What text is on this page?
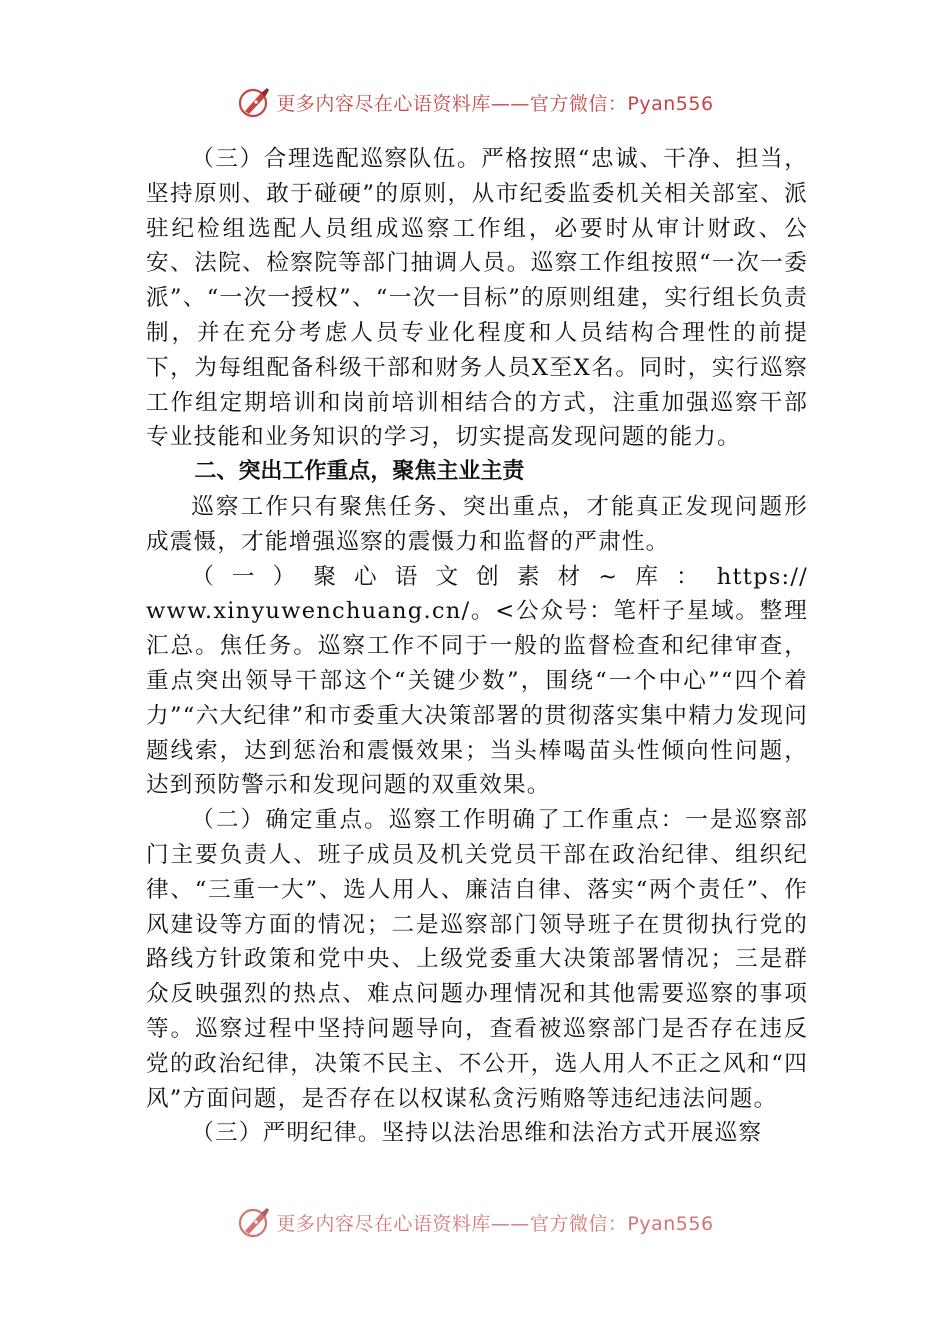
更多内容尽在心语资料库——官方微信：Pyan556

（三）合理选配巡察队伍。严格按照“忠诚、干净、担当，坚持原则、敢于碰硬”的原则，从市纪委监委机关相关部室、派驻纪检组选配人员组成巡察工作组，必要时从审计财政、公安、法院、检察院等部门抽调人员。巡察工作组按照“一次一委派”、“一次一授权”、“一次一目标”的原则组建，实行组长负责制，并在充分考虑人员专业化程度和人员结构合理性的前提下，为每组配备科级干部和财务人员X至X名。同时，实行巡察工作组定期培训和岗前培训相结合的方式，注重加强巡察干部专业技能和业务知识的学习，切实提高发现问题的能力。

二、突出工作重点，聚焦主业主责

巡察工作只有聚焦任务、突出重点，才能真正发现问题形成震慑，才能增强巡察的震慑力和监督的严肃性。

（一）聚心语文创素材~库：https://

www.xinyuwenchuang.cn/。<公众号：笔杆子星域。整理汇总。焦任务。巡察工作不同于一般的监督检查和纪律审查，重点突出领导干部这个“关键少数”，围绕“一个中心”“四个着力”“六大纪律”和市委重大决策部署的贯彻落实集中精力发现问题线索，达到惩治和震慑效果；当头棒喝苗头性倾向性问题，达到预防警示和发现问题的双重效果。

（二）确定重点。巡察工作明确了工作重点：一是巡察部门主要负责人、班子成员及机关党员干部在政治纪律、组织纪律、“三重一大”、选人用人、廉洁自律、落实“两个责任”、作风建设等方面的情况；二是巡察部门领导班子在贯彻执行党的路线方针政策和党中央、上级党委重大决策部署情况；三是群众反映强烈的热点、难点问题办理情况和其他需要巡察的事项等。巡察过程中坚持问题导向，查看被巡察部门是否存在违反党的政治纪律，决策不民主、不公开，选人用人不正之风和“四风”方面问题，是否存在以权谋私贪污贿赂等违纪违法问题。

（三）严明纪律。坚持以法治思维和法治方式开展巡察

更多内容尽在心语资料库——官方微信：Pyan556
